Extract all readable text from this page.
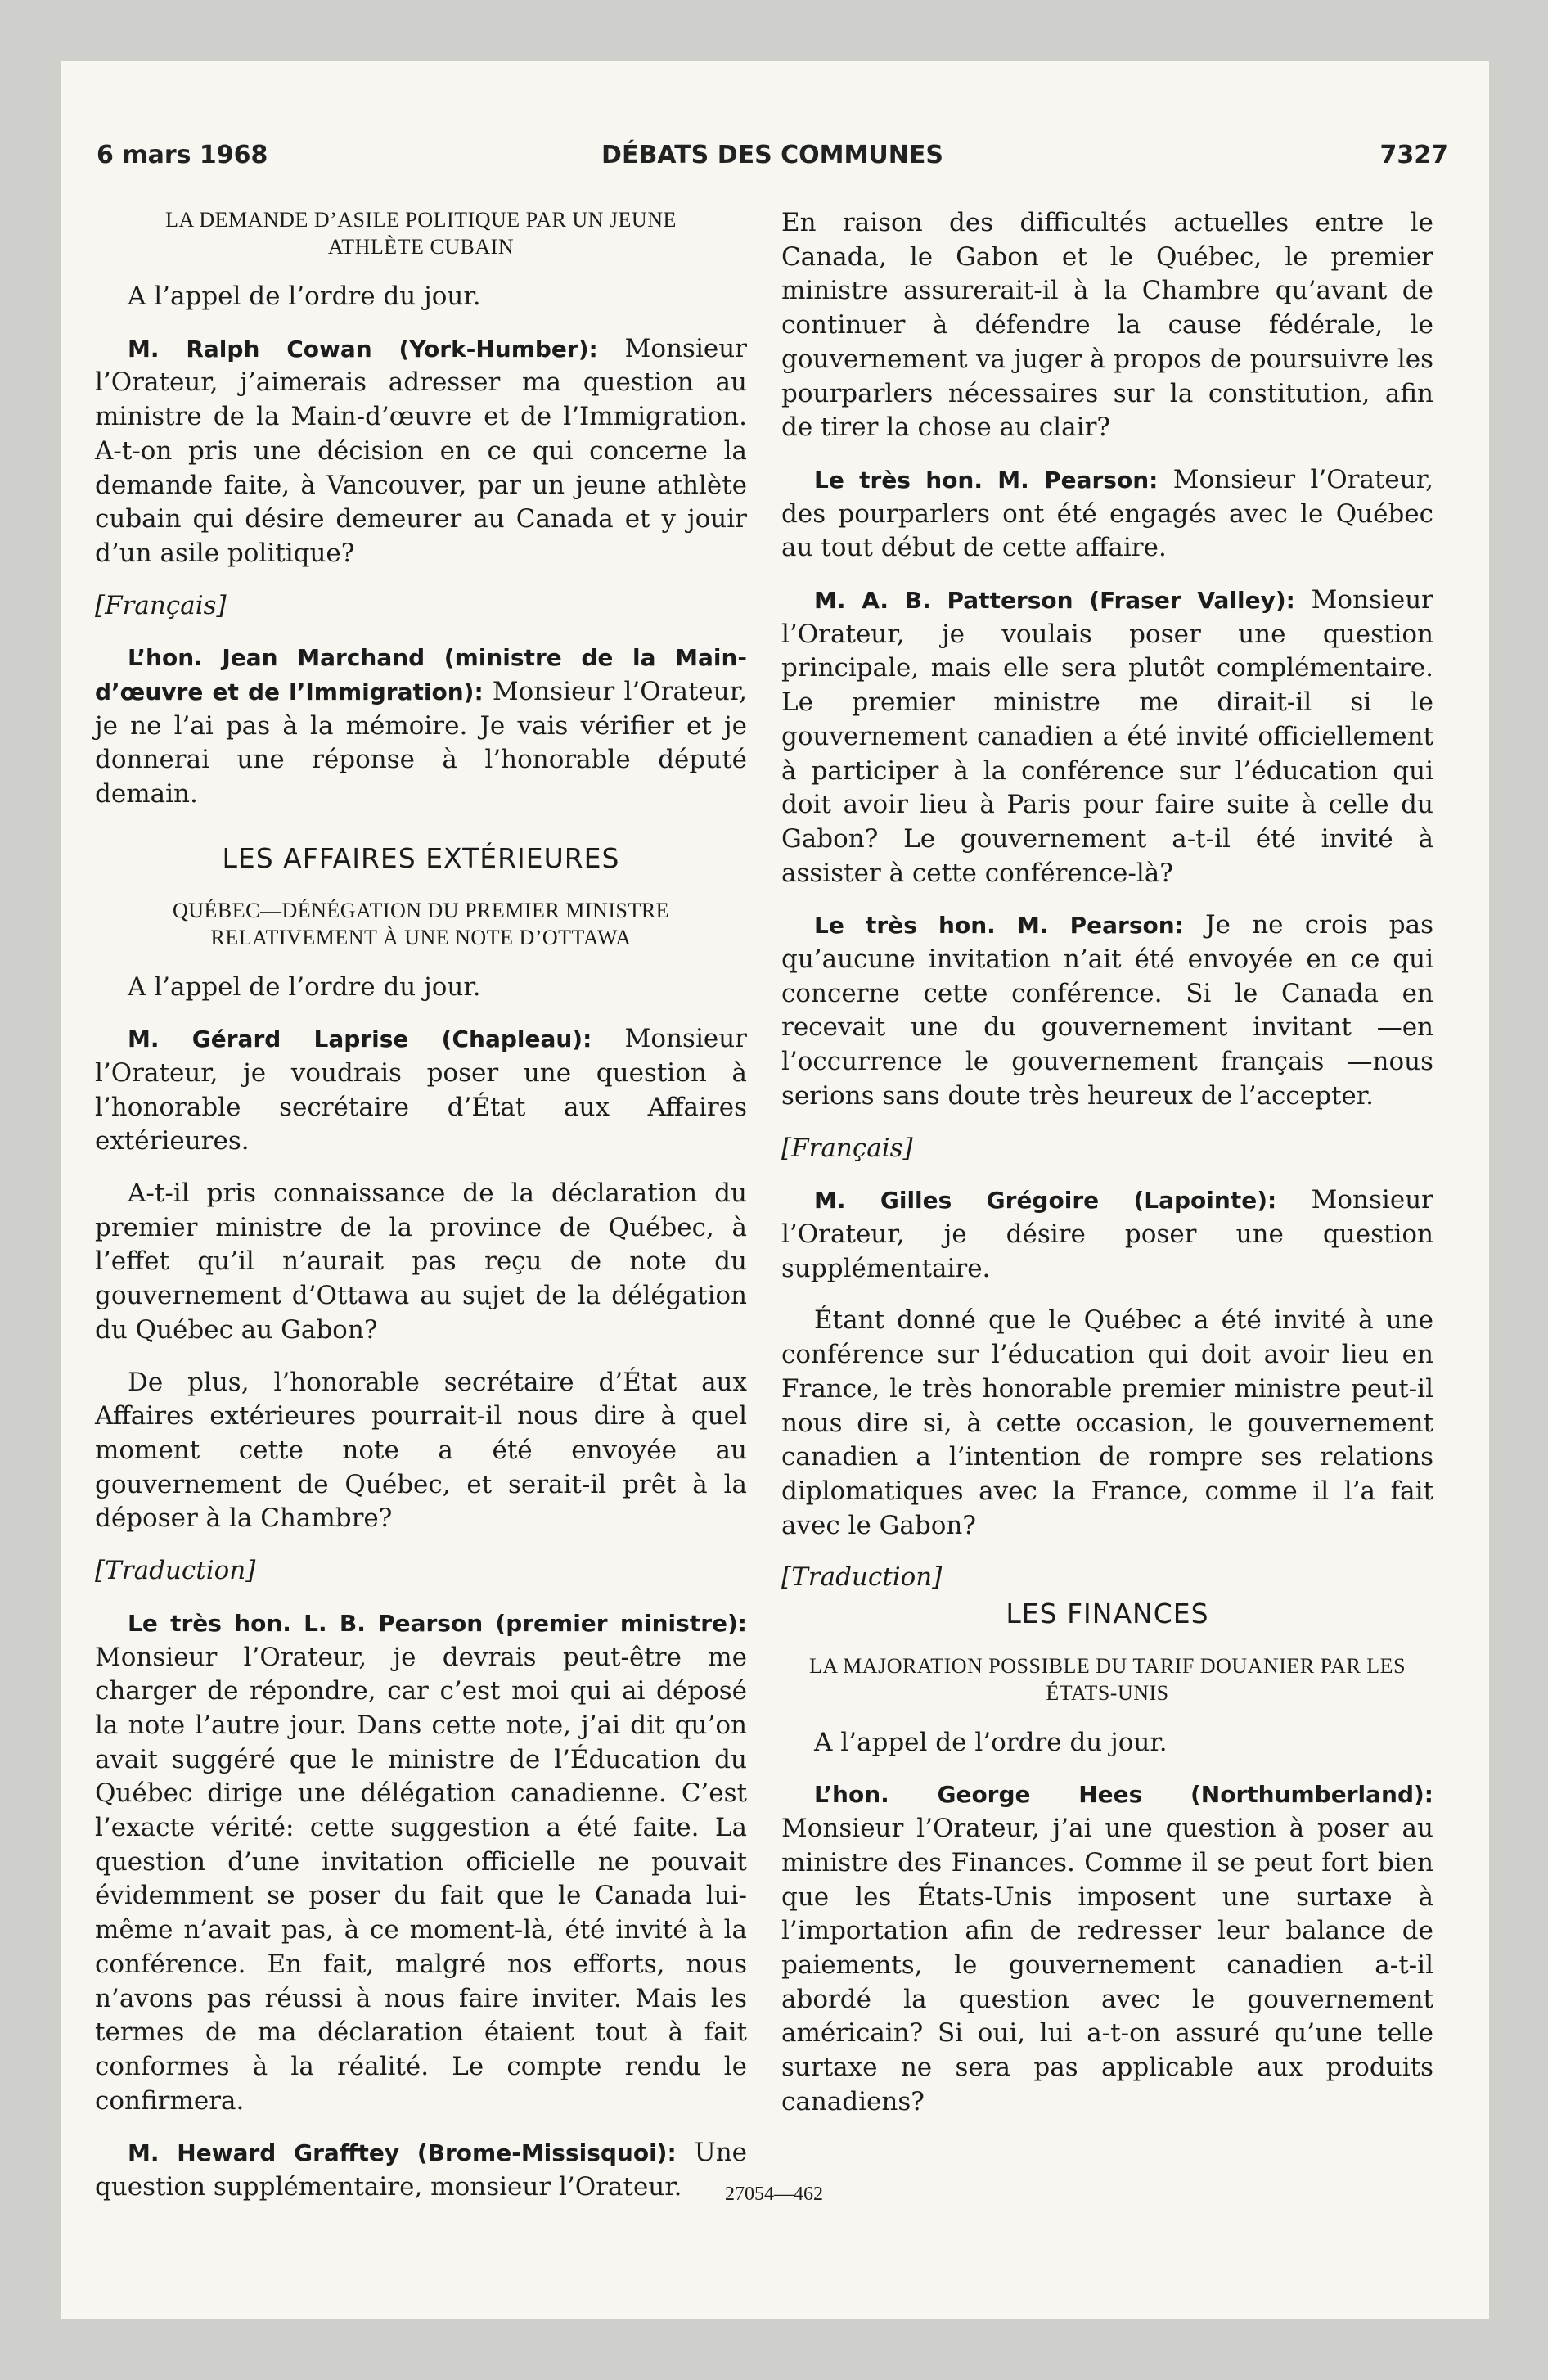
6 mars 1968	DÉBATS DES COMMUNES	7327
LA DEMANDE D’ASILE POLITIQUE PAR UN JEUNE ATHLÈTE CUBAIN

A l’appel de l’ordre du jour.

M. Ralph Cowan (York-Humber): Monsieur l’Orateur, j’aimerais adresser ma question au ministre de la Main-d’œuvre et de l’Immigration. A-t-on pris une décision en ce qui concerne la demande faite, à Vancouver, par un jeune athlète cubain qui désire demeurer au Canada et y jouir d’un asile politique?

[Français]

L’hon. Jean Marchand (ministre de la Main-d’œuvre et de l’Immigration): Monsieur l’Orateur, je ne l’ai pas à la mémoire. Je vais vérifier et je donnerai une réponse à l’honorable député demain.

LES AFFAIRES EXTÉRIEURES
QUÉBEC—DÉNÉGATION DU PREMIER MINISTRE RELATIVEMENT À UNE NOTE D’OTTAWA

A l’appel de l’ordre du jour.

M. Gérard Laprise (Chapleau): Monsieur l’Orateur, je voudrais poser une question à l’honorable secrétaire d’État aux Affaires extérieures.

A-t-il pris connaissance de la déclaration du premier ministre de la province de Québec, à l’effet qu’il n’aurait pas reçu de note du gouvernement d’Ottawa au sujet de la délégation du Québec au Gabon?

De plus, l’honorable secrétaire d’État aux Affaires extérieures pourrait-il nous dire à quel moment cette note a été envoyée au gouvernement de Québec, et serait-il prêt à la déposer à la Chambre?

[Traduction]

Le très hon. L. B. Pearson (premier ministre): Monsieur l’Orateur, je devrais peut-être me charger de répondre, car c’est moi qui ai déposé la note l’autre jour. Dans cette note, j’ai dit qu’on avait suggéré que le ministre de l’Éducation du Québec dirige une délégation canadienne. C’est l’exacte vérité: cette suggestion a été faite. La question d’une invitation officielle ne pouvait évidemment se poser du fait que le Canada lui-même n’avait pas, à ce moment-là, été invité à la conférence. En fait, malgré nos efforts, nous n’avons pas réussi à nous faire inviter. Mais les termes de ma déclaration étaient tout à fait conformes à la réalité. Le compte rendu le confirmera.

M. Heward Grafftey (Brome-Missisquoi): Une question supplémentaire, monsieur l’Orateur.

En raison des difficultés actuelles entre le Canada, le Gabon et le Québec, le premier ministre assurerait-il à la Chambre qu’avant de continuer à défendre la cause fédérale, le gouvernement va juger à propos de poursuivre les pourparlers nécessaires sur la constitution, afin de tirer la chose au clair?

Le très hon. M. Pearson: Monsieur l’Orateur, des pourparlers ont été engagés avec le Québec au tout début de cette affaire.

M. A. B. Patterson (Fraser Valley): Monsieur l’Orateur, je voulais poser une question principale, mais elle sera plutôt complémentaire. Le premier ministre me dirait-il si le gouvernement canadien a été invité officiellement à participer à la conférence sur l’éducation qui doit avoir lieu à Paris pour faire suite à celle du Gabon? Le gouvernement a-t-il été invité à assister à cette conférence-là?

Le très hon. M. Pearson: Je ne crois pas qu’aucune invitation n’ait été envoyée en ce qui concerne cette conférence. Si le Canada en recevait une du gouvernement invitant —en l’occurrence le gouvernement français —nous serions sans doute très heureux de l’accepter.

[Français]

M. Gilles Grégoire (Lapointe): Monsieur l’Orateur, je désire poser une question supplémentaire.

Étant donné que le Québec a été invité à une conférence sur l’éducation qui doit avoir lieu en France, le très honorable premier ministre peut-il nous dire si, à cette occasion, le gouvernement canadien a l’intention de rompre ses relations diplomatiques avec la France, comme il l’a fait avec le Gabon?

[Traduction]

LES FINANCES
LA MAJORATION POSSIBLE DU TARIF DOUANIER PAR LES ÉTATS-UNIS

A l’appel de l’ordre du jour.

L’hon. George Hees (Northumberland): Monsieur l’Orateur, j’ai une question à poser au ministre des Finances. Comme il se peut fort bien que les États-Unis imposent une surtaxe à l’importation afin de redresser leur balance de paiements, le gouvernement canadien a-t-il abordé la question avec le gouvernement américain? Si oui, lui a-t-on assuré qu’une telle surtaxe ne sera pas applicable aux produits canadiens?

27054—462
